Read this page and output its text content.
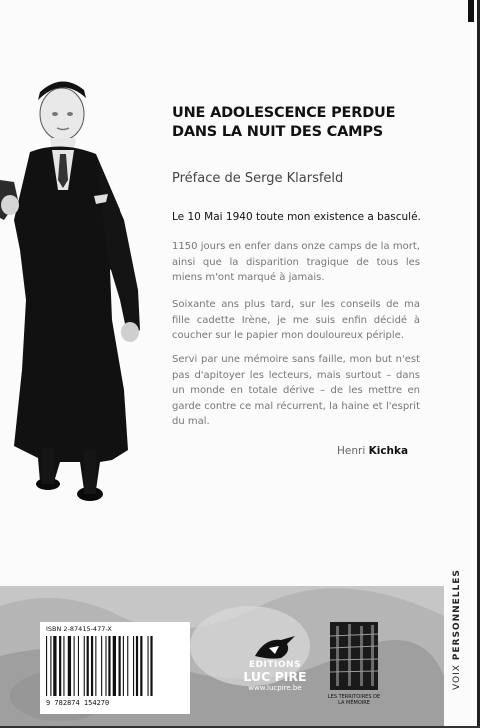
UNE ADOLESCENCE PERDUE
DANS LA NUIT DES CAMPS
Préface de Serge Klarsfeld
Le 10 Mai 1940 toute mon existence a basculé.
1150 jours en enfer dans onze camps de la mort, ainsi que la disparition tragique de tous les miens m'ont marqué à jamais.
Soixante ans plus tard, sur les conseils de ma fille cadette Irène, je me suis enfin décidé à coucher sur le papier mon douloureux périple.
Servi par une mémoire sans faille, mon but n'est pas d'apitoyer les lecteurs, mais surtout – dans un monde en totale dérive – de les mettre en garde contre ce mal récurrent, la haine et l'esprit du mal.
Henri Kichka
VOIX PERSONNELLES
ISBN 2-87415-477-X
9 782874 154270
EDITIONS
LUC PIRE
www.lucpire.be
LES TERRITOIRES DE LA MÉMOIRE
